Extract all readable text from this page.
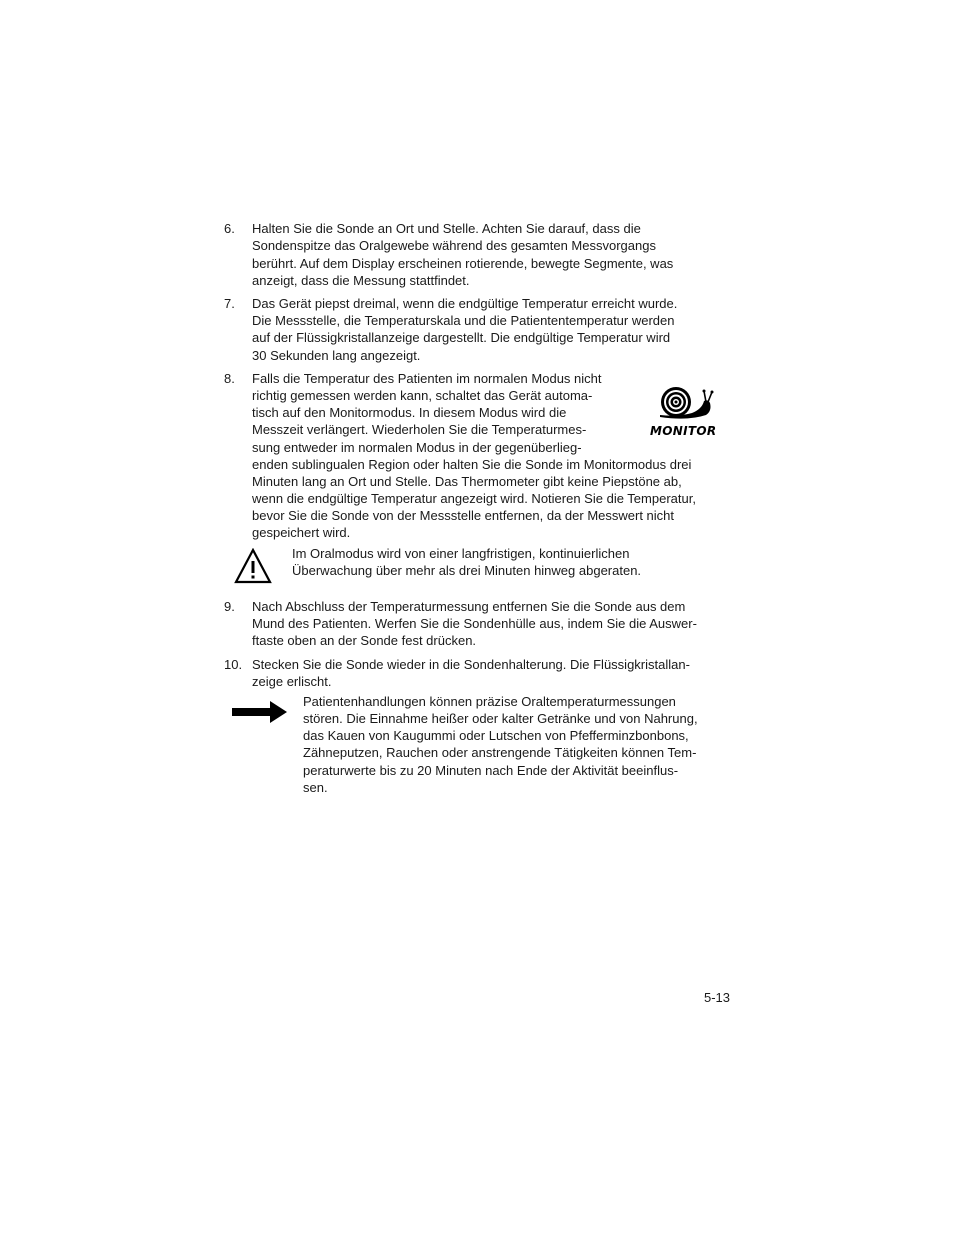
6. Halten Sie die Sonde an Ort und Stelle. Achten Sie darauf, dass die
Sondenspitze das Oralgewebe während des gesamten Messvorgangs
berührt. Auf dem Display erscheinen rotierende, bewegte Segmente, was
anzeigt, dass die Messung stattfindet.
7. Das Gerät piepst dreimal, wenn die endgültige Temperatur erreicht wurde.
Die Messstelle, die Temperaturskala und die Patiententemperatur werden
auf der Flüssigkristallanzeige dargestellt. Die endgültige Temperatur wird
30 Sekunden lang angezeigt.
8. Falls die Temperatur des Patienten im normalen Modus nicht
richtig gemessen werden kann, schaltet das Gerät automa-
tisch auf den Monitormodus. In diesem Modus wird die
Messzeit verlängert. Wiederholen Sie die Temperaturmes-
sung entweder im normalen Modus in der gegenüberlieg-
enden sublingualen Region oder halten Sie die Sonde im Monitormodus drei
Minuten lang an Ort und Stelle. Das Thermometer gibt keine Piepstöne ab,
wenn die endgültige Temperatur angezeigt wird. Notieren Sie die Temperatur,
bevor Sie die Sonde von der Messstelle entfernen, da der Messwert nicht
gespeichert wird.
MONITOR
Im Oralmodus wird von einer langfristigen, kontinuierlichen
Überwachung über mehr als drei Minuten hinweg abgeraten.
9. Nach Abschluss der Temperaturmessung entfernen Sie die Sonde aus dem
Mund des Patienten. Werfen Sie die Sondenhülle aus, indem Sie die Auswer-
ftaste oben an der Sonde fest drücken.
10. Stecken Sie die Sonde wieder in die Sondenhalterung. Die Flüssigkristallan-
zeige erlischt.
Patientenhandlungen können präzise Oraltemperaturmessungen
stören. Die Einnahme heißer oder kalter Getränke und von Nahrung,
das Kauen von Kaugummi oder Lutschen von Pfefferminzbonbons,
Zähneputzen, Rauchen oder anstrengende Tätigkeiten können Tem-
peraturwerte bis zu 20 Minuten nach Ende der Aktivität beeinflus-
sen.
5-13
